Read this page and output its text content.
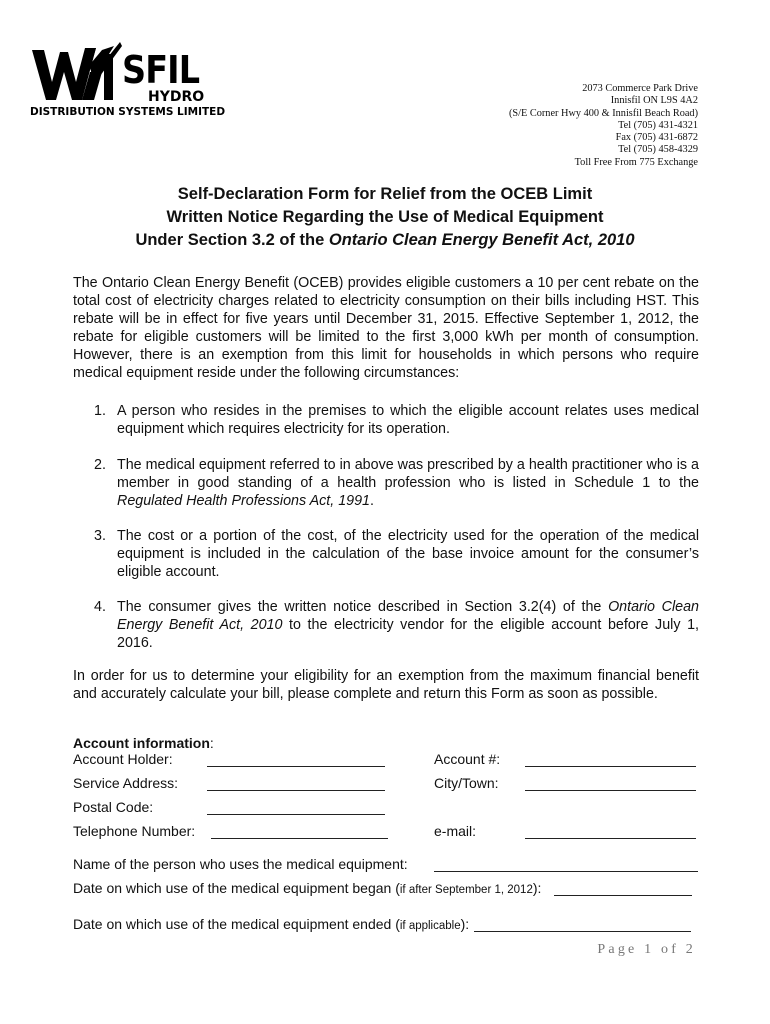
SFIL
HYDRO
DISTRIBUTION SYSTEMS LIMITED
2073 Commerce Park Drive
Innisfil ON L9S 4A2
(S/E Corner Hwy 400 & Innisfil Beach Road)
Tel (705) 431-4321
Fax (705) 431-6872
Tel (705) 458-4329
Toll Free From 775 Exchange
Self-Declaration Form for Relief from the OCEB Limit
Written Notice Regarding the Use of Medical Equipment
Under Section 3.2 of the Ontario Clean Energy Benefit Act, 2010
The Ontario Clean Energy Benefit (OCEB) provides eligible customers a 10 per cent rebate on the total cost of electricity charges related to electricity consumption on their bills including HST. This rebate will be in effect for five years until December 31, 2015. Effective September 1, 2012, the rebate for eligible customers will be limited to the first 3,000 kWh per month of consumption. However, there is an exemption from this limit for households in which persons who require medical equipment reside under the following circumstances:
1. A person who resides in the premises to which the eligible account relates uses medical equipment which requires electricity for its operation.
2. The medical equipment referred to in above was prescribed by a health practitioner who is a member in good standing of a health profession who is listed in Schedule 1 to the Regulated Health Professions Act, 1991.
3. The cost or a portion of the cost, of the electricity used for the operation of the medical equipment is included in the calculation of the base invoice amount for the consumer’s eligible account.
4. The consumer gives the written notice described in Section 3.2(4) of the Ontario Clean Energy Benefit Act, 2010 to the electricity vendor for the eligible account before July 1, 2016.
In order for us to determine your eligibility for an exemption from the maximum financial benefit and accurately calculate your bill, please complete and return this Form as soon as possible.
Account information:
Account Holder:	Account #:
Service Address:	City/Town:
Postal Code:
Telephone Number:	e-mail:
Name of the person who uses the medical equipment:
Date on which use of the medical equipment began (if after September 1, 2012):
Date on which use of the medical equipment ended (if applicable):
Page 1 of 2
